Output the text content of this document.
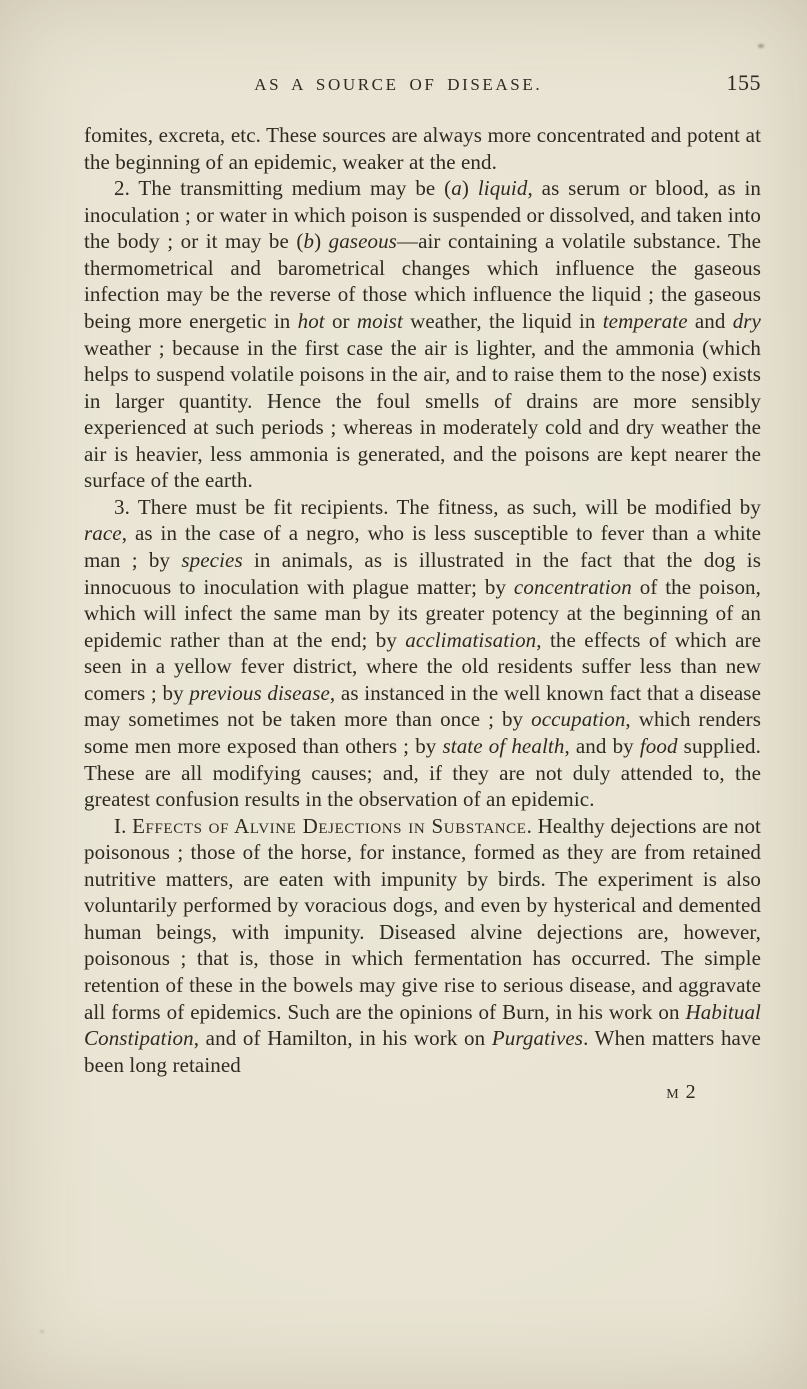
AS A SOURCE OF DISEASE.	155

fomites, excreta, etc. These sources are always more concentrated and potent at the beginning of an epidemic, weaker at the end.

2. The transmitting medium may be (a) liquid, as serum or blood, as in inoculation ; or water in which poison is suspended or dissolved, and taken into the body ; or it may be (b) gaseous—air containing a volatile substance. The thermometrical and barometrical changes which influence the gaseous infection may be the reverse of those which influence the liquid ; the gaseous being more energetic in hot or moist weather, the liquid in temperate and dry weather ; because in the first case the air is lighter, and the ammonia (which helps to suspend volatile poisons in the air, and to raise them to the nose) exists in larger quantity. Hence the foul smells of drains are more sensibly experienced at such periods ; whereas in moderately cold and dry weather the air is heavier, less ammonia is generated, and the poisons are kept nearer the surface of the earth.

3. There must be fit recipients. The fitness, as such, will be modified by race, as in the case of a negro, who is less susceptible to fever than a white man ; by species in animals, as is illustrated in the fact that the dog is innocuous to inoculation with plague matter; by concentration of the poison, which will infect the same man by its greater potency at the beginning of an epidemic rather than at the end; by acclimatisation, the effects of which are seen in a yellow fever district, where the old residents suffer less than new comers ; by previous disease, as instanced in the well known fact that a disease may sometimes not be taken more than once ; by occupation, which renders some men more exposed than others ; by state of health, and by food supplied. These are all modifying causes; and, if they are not duly attended to, the greatest confusion results in the observation of an epidemic.

I. Effects of Alvine Dejections in Substance. Healthy dejections are not poisonous ; those of the horse, for instance, formed as they are from retained nutritive matters, are eaten with impunity by birds. The experiment is also voluntarily performed by voracious dogs, and even by hysterical and demented human beings, with impunity. Diseased alvine dejections are, however, poisonous ; that is, those in which fermentation has occurred. The simple retention of these in the bowels may give rise to serious disease, and aggravate all forms of epidemics. Such are the opinions of Burn, in his work on Habitual Constipation, and of Hamilton, in his work on Purgatives. When matters have been long retained

m 2
